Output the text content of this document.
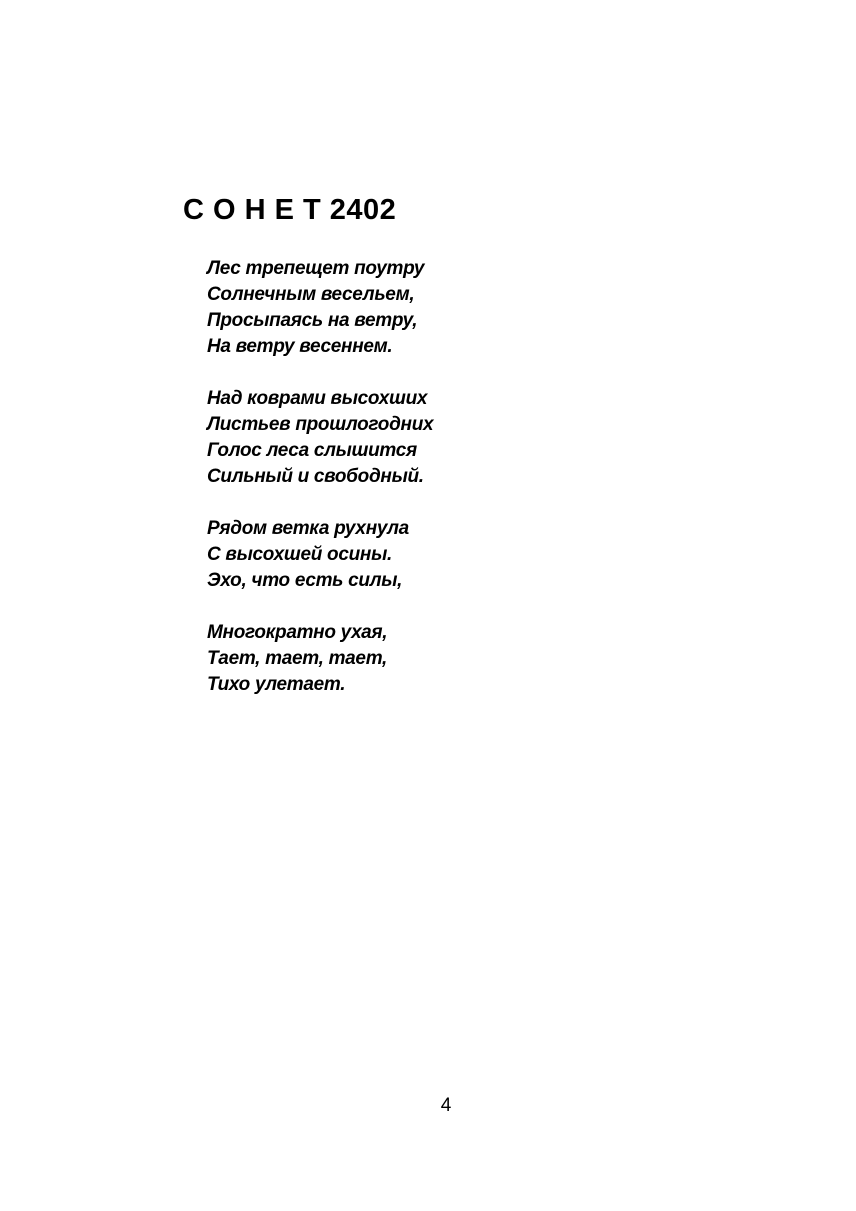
С О Н Е Т 2402
Лес трепещет поутру
Солнечным весельем,
Просыпаясь на ветру,
На ветру весеннем.
Над коврами высохших
Листьев прошлогодних
Голос леса слышится
Сильный и свободный.
Рядом ветка рухнула
С высохшей осины.
Эхо, что есть силы,
Многократно ухая,
Тает, тает, тает,
Тихо улетает.
4
